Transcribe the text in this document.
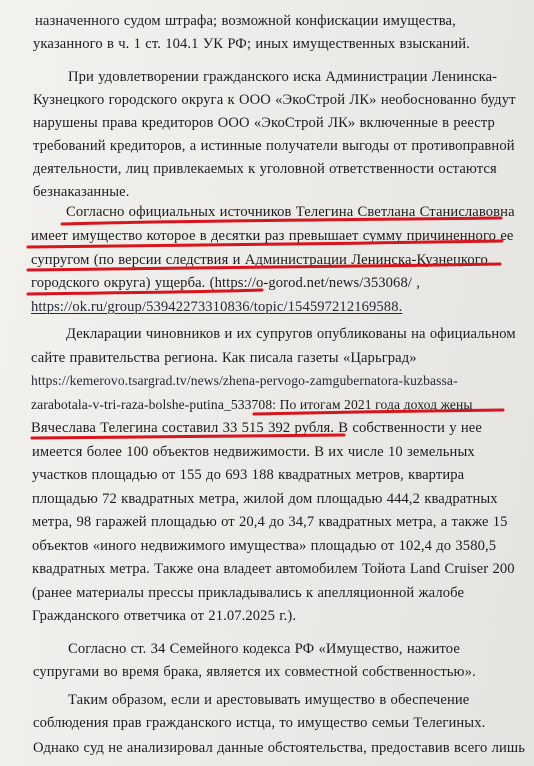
назначенного судом штрафа; возможной конфискации имущества,
указанного в ч. 1 ст. 104.1 УК РФ; иных имущественных взысканий.
При удовлетворении гражданского иска Администрации Ленинска-
Кузнецкого городского округа к ООО «ЭкоСтрой ЛК» необоснованно будут
нарушены права кредиторов ООО «ЭкоСтрой ЛК» включенные в реестр
требований кредиторов, а истинные получатели выгоды от противоправной
деятельности, лиц привлекаемых к уголовной ответственности остаются
безнаказанные.
Согласно официальных источников Телегина Светлана Станиславовна
имеет имущество которое в десятки раз превышает сумму причиненного ее
супругом (по версии следствия и Администрации Ленинска-Кузнецкого
городского округа) ущерба. (https://o-gorod.net/news/353068/ ,
https://ok.ru/group/53942273310836/topic/154597212169588.
Декларации чиновников и их супругов опубликованы на официальном
сайте правительства региона. Как писала газеты «Царьград»
https://kemerovo.tsargrad.tv/news/zhena-pervogo-zamgubernatora-kuzbassa-
zarabotala-v-tri-raza-bolshe-putina_533708: По итогам 2021 года доход жены
Вячеслава Телегина составил 33 515 392 рубля. В собственности у нее
имеется более 100 объектов недвижимости. В их числе 10 земельных
участков площадью от 155 до 693 188 квадратных метров, квартира
площадью 72 квадратных метра, жилой дом площадью 444,2 квадратных
метра, 98 гаражей площадью от 20,4 до 34,7 квадратных метра, а также 15
объектов «иного недвижимого имущества» площадью от 102,4 до 3580,5
квадратных метра. Также она владеет автомобилем Тойота Land Cruiser 200
(ранее материалы прессы прикладывались к апелляционной жалобе
Гражданского ответчика от 21.07.2025 г.).
Согласно ст. 34 Семейного кодекса РФ «Имущество, нажитое
супругами во время брака, является их совместной собственностью».
Таким образом, если и арестовывать имущество в обеспечение
соблюдения прав гражданского истца, то имущество семьи Телегиных.
Однако суд не анализировал данные обстоятельства, предоставив всего лишь
